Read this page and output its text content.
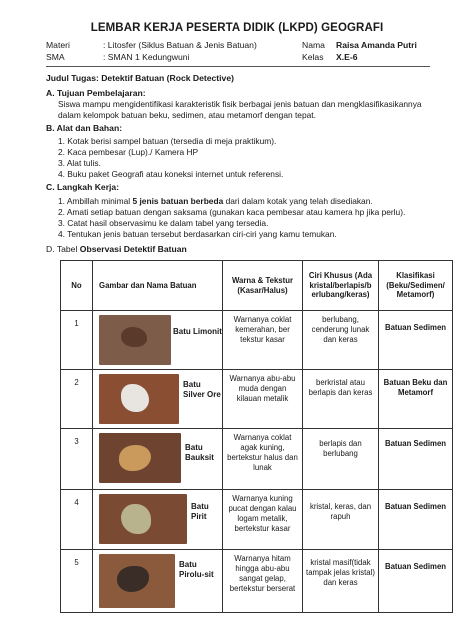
LEMBAR KERJA PESERTA DIDIK (LKPD) GEOGRAFI
Materi	: Litosfer (Siklus Batuan & Jenis Batuan)	Nama Raisa Amanda Putri
SMA	: SMAN 1 Kedungwuni	Kelas X.E-6
Judul Tugas: Detektif Batuan (Rock Detective)
A. Tujuan Pembelajaran:
Siswa mampu mengidentifikasi karakteristik fisik berbagai jenis batuan dan mengklasifikasikannya
dalam kelompok batuan beku, sedimen, atau metamorf dengan tepat.
B. Alat dan Bahan:
1. Kotak berisi sampel batuan (tersedia di meja praktikum).
2. Kaca pembesar (Lup)./ Kamera HP
3. Alat tulis.
4. Buku paket Geografi atau koneksi internet untuk referensi.
C. Langkah Kerja:
1. Ambillah minimal 5 jenis batuan berbeda dari dalam kotak yang telah disediakan.
2. Amati setiap batuan dengan saksama (gunakan kaca pembesar atau kamera hp jika perlu).
3. Catat hasil observasimu ke dalam tabel yang tersedia.
4. Tentukan jenis batuan tersebut berdasarkan ciri-ciri yang kamu temukan.
D. Tabel Observasi Detektif Batuan
No	Gambar dan Nama Batuan	Warna & Tekstur (Kasar/Halus)	Ciri Khusus (Ada kristal/berlapis/b erlubang/keras)	Klasifikasi (Beku/Sedimen/ Metamorf)

1	Batu Limonit	Warnanya coklat kemerahan, ber tekstur kasar	berlubang, cenderung lunak dan keras	Batuan Sedimen

2	Batu Silver Ore	Warnanya abu-abu muda dengan kilauan metalik	berkristal atau berlapis dan keras	Batuan Beku dan Metamorf

3	Batu Bauksit	Warnanya coklat agak kuning, bertekstur halus dan lunak	berlapis dan berlubang	Batuan Sedimen

4	Batu Pirit	Warnanya kuning pucat dengan kalau logam metalik, bertekstur kasar	kristal, keras, dan rapuh	Batuan Sedimen

5	Batu Pirolu-sit	Warnanya hitam hingga abu-abu sangat gelap, bertekstur berserat	kristal masif(tidak tampak jelas kristal) dan keras	Batuan Sedimen
